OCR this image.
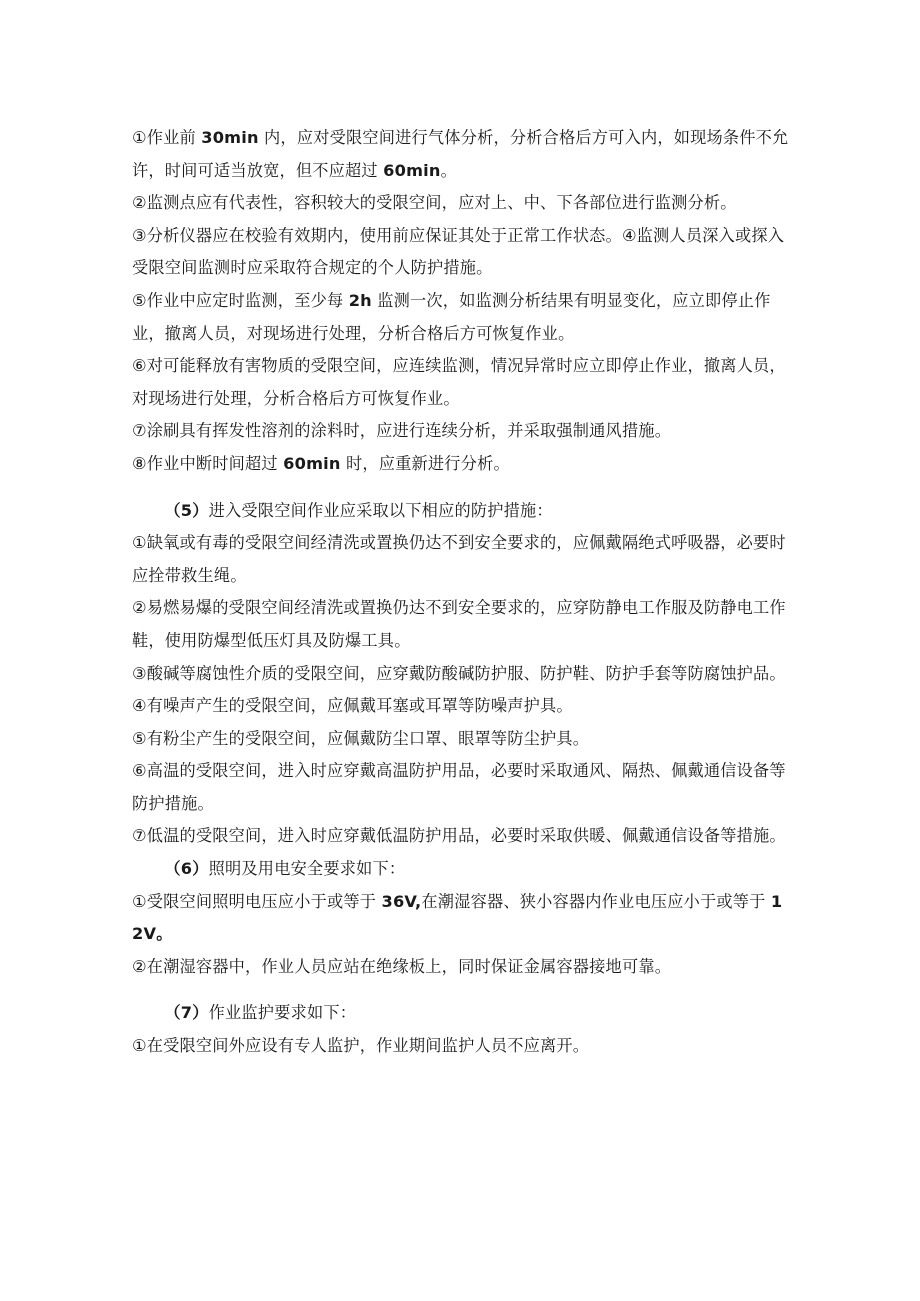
①作业前 30min 内，应对受限空间进行气体分析，分析合格后方可入内，如现场条件不允许，时间可适当放宽，但不应超过 60min。

②监测点应有代表性，容积较大的受限空间，应对上、中、下各部位进行监测分析。

③分析仪器应在校验有效期内，使用前应保证其处于正常工作状态。④监测人员深入或探入受限空间监测时应采取符合规定的个人防护措施。

⑤作业中应定时监测，至少每 2h 监测一次，如监测分析结果有明显变化，应立即停止作业，撤离人员，对现场进行处理，分析合格后方可恢复作业。

⑥对可能释放有害物质的受限空间，应连续监测，情况异常时应立即停止作业，撤离人员，对现场进行处理，分析合格后方可恢复作业。

⑦涂刷具有挥发性溶剂的涂料时，应进行连续分析，并采取强制通风措施。

⑧作业中断时间超过 60min 时，应重新进行分析。

（5）进入受限空间作业应采取以下相应的防护措施：

①缺氧或有毒的受限空间经清洗或置换仍达不到安全要求的，应佩戴隔绝式呼吸器，必要时应拴带救生绳。

②易燃易爆的受限空间经清洗或置换仍达不到安全要求的，应穿防静电工作服及防静电工作鞋，使用防爆型低压灯具及防爆工具。

③酸碱等腐蚀性介质的受限空间，应穿戴防酸碱防护服、防护鞋、防护手套等防腐蚀护品。

④有噪声产生的受限空间，应佩戴耳塞或耳罩等防噪声护具。

⑤有粉尘产生的受限空间，应佩戴防尘口罩、眼罩等防尘护具。

⑥高温的受限空间，进入时应穿戴高温防护用品，必要时采取通风、隔热、佩戴通信设备等防护措施。

⑦低温的受限空间，进入时应穿戴低温防护用品，必要时采取供暖、佩戴通信设备等措施。

（6）照明及用电安全要求如下：

①受限空间照明电压应小于或等于 36V,在潮湿容器、狭小容器内作业电压应小于或等于 12V。

②在潮湿容器中，作业人员应站在绝缘板上，同时保证金属容器接地可靠。

（7）作业监护要求如下：

①在受限空间外应设有专人监护，作业期间监护人员不应离开。
